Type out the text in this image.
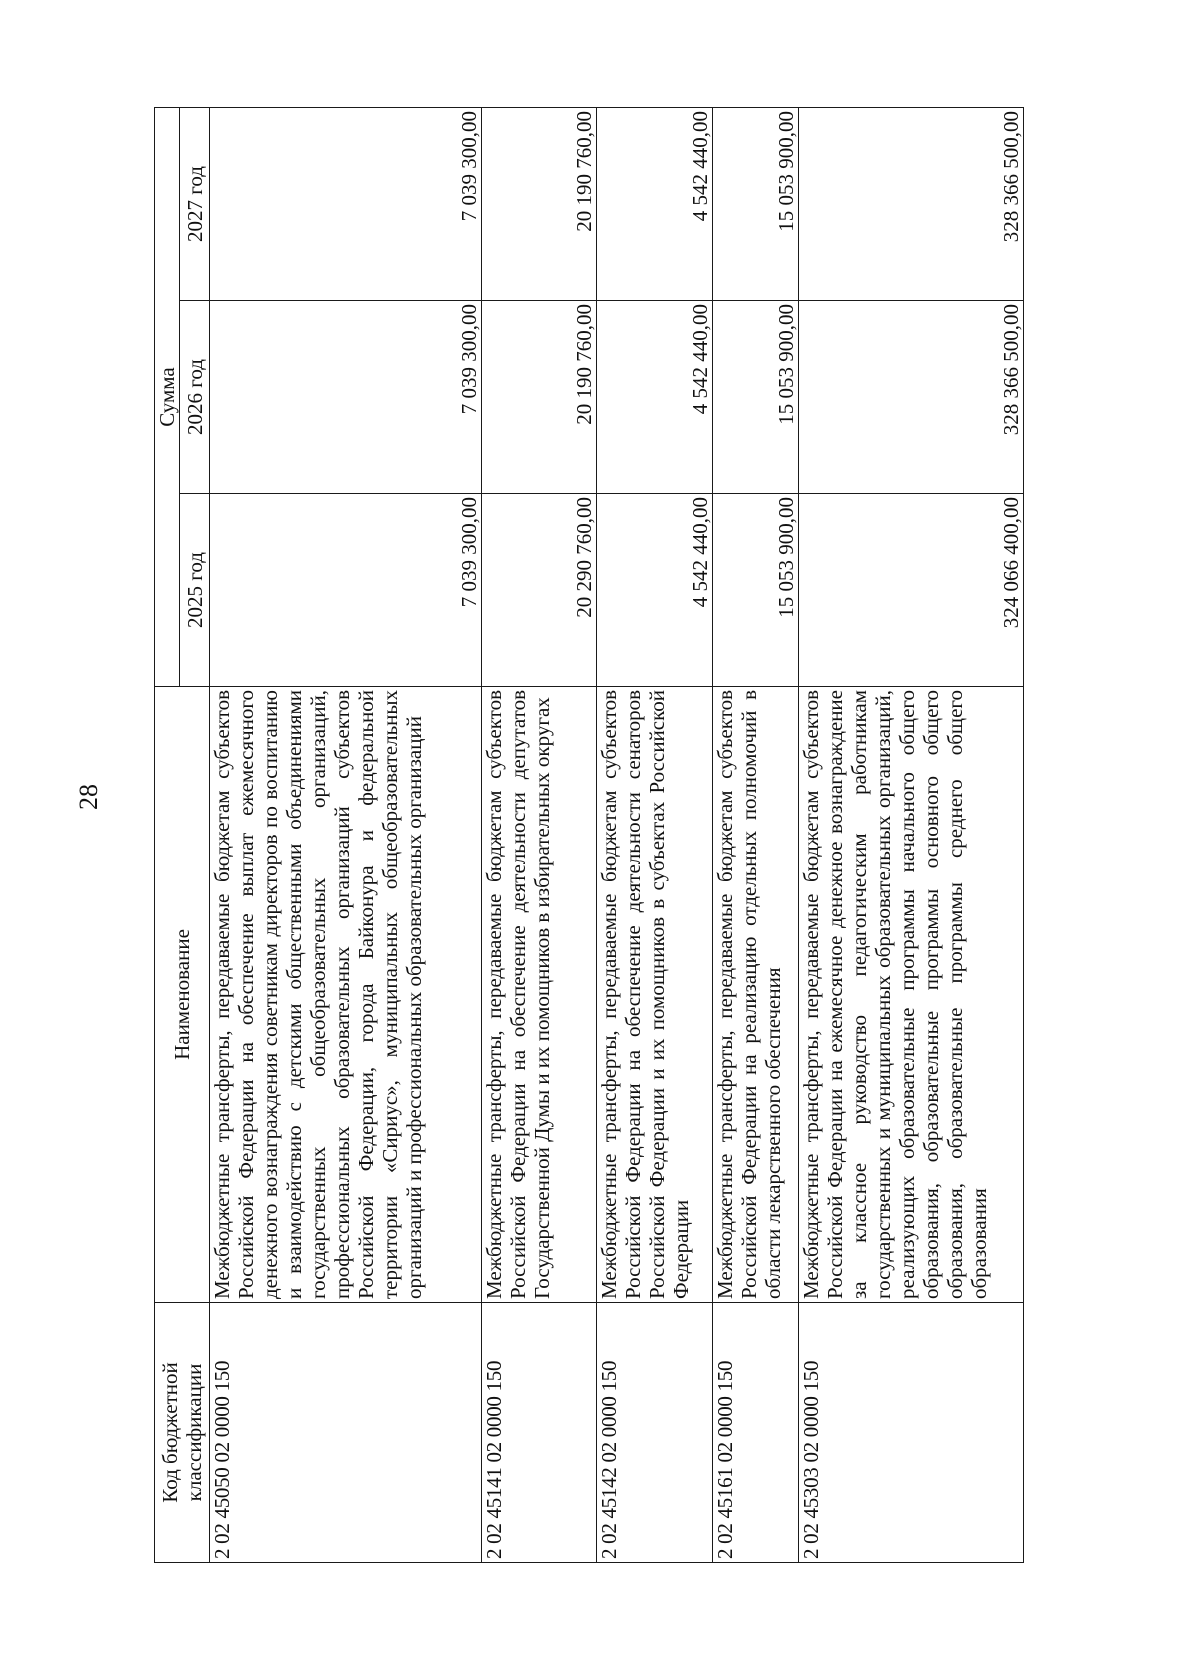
28
Код бюджетной классификации	Наименование	Сумма		
		2025 год	2026 год	2027 год
2 02 45050 02 0000 150	Межбюджетные трансферты, передаваемые бюджетам субъектов Российской Федерации на обеспечение выплат ежемесячного денежного вознаграждения советникам директоров по воспитанию и взаимодействию с детскими общественными объединениями государственных общеобразовательных организаций, профессиональных образовательных организаций субъектов Российской Федерации, города Байконура и федеральной территории «Сириус», муниципальных общеобразовательных организаций и профессиональных образовательных организаций	7 039 300,00	7 039 300,00	7 039 300,00
2 02 45141 02 0000 150	Межбюджетные трансферты, передаваемые бюджетам субъектов Российской Федерации на обеспечение деятельности депутатов Государственной Думы и их помощников в избирательных округах	20 290 760,00	20 190 760,00	20 190 760,00
2 02 45142 02 0000 150	Межбюджетные трансферты, передаваемые бюджетам субъектов Российской Федерации на обеспечение деятельности сенаторов Российской Федерации и их помощников в субъектах Российской Федерации	4 542 440,00	4 542 440,00	4 542 440,00
2 02 45161 02 0000 150	Межбюджетные трансферты, передаваемые бюджетам субъектов Российской Федерации на реализацию отдельных полномочий в области лекарственного обеспечения	15 053 900,00	15 053 900,00	15 053 900,00
2 02 45303 02 0000 150	Межбюджетные трансферты, передаваемые бюджетам субъектов Российской Федерации на ежемесячное денежное вознаграждение за классное руководство педагогическим работникам государственных и муниципальных образовательных организаций, реализующих образовательные программы начального общего образования, образовательные программы основного общего образования, образовательные программы среднего общего образования	324 066 400,00	328 366 500,00	328 366 500,00
